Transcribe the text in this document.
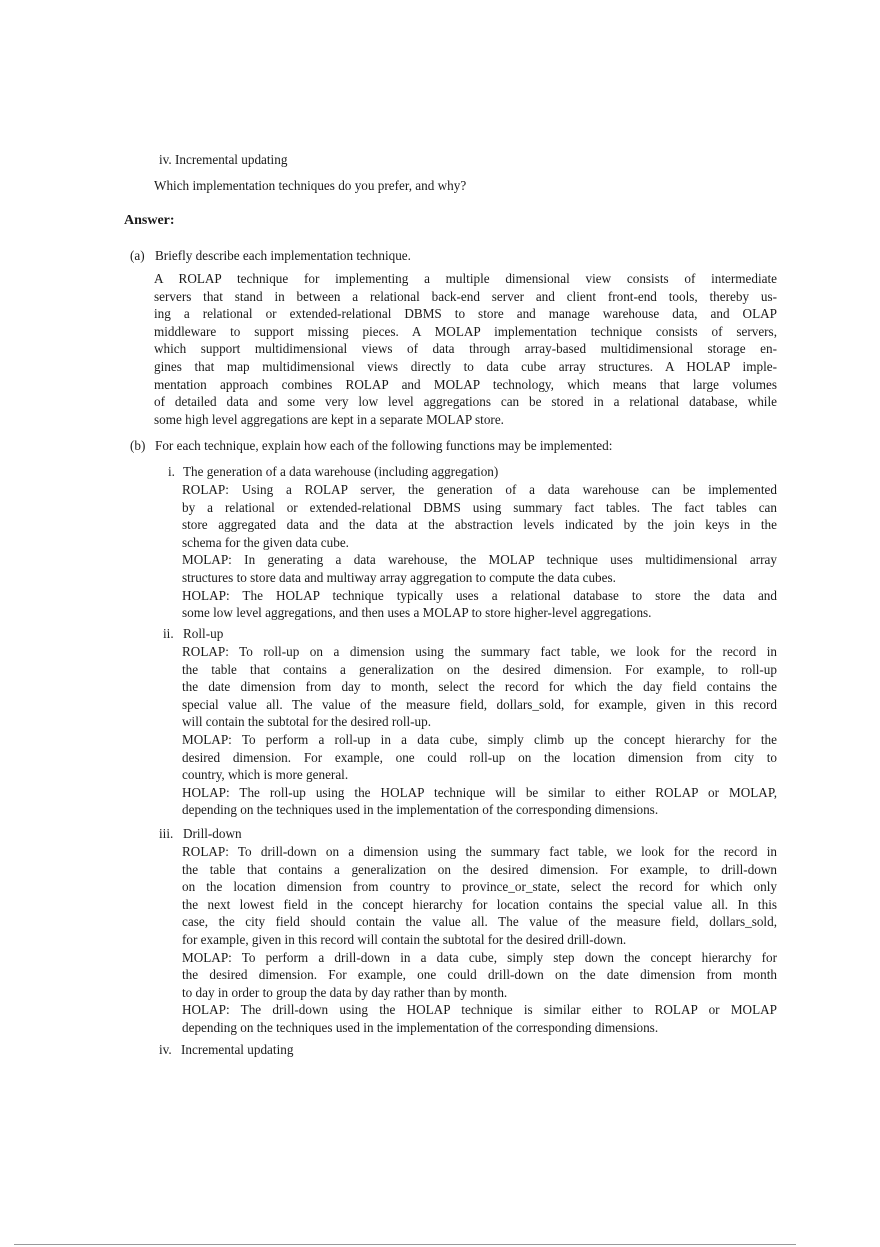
iv. Incremental updating
Which implementation techniques do you prefer, and why?
Answer:
(a) Briefly describe each implementation technique.
A ROLAP technique for implementing a multiple dimensional view consists of intermediate
servers that stand in between a relational back-end server and client front-end tools, thereby us-
ing a relational or extended-relational DBMS to store and manage warehouse data, and OLAP
middleware to support missing pieces. A MOLAP implementation technique consists of servers,
which support multidimensional views of data through array-based multidimensional storage en-
gines that map multidimensional views directly to data cube array structures. A HOLAP imple-
mentation approach combines ROLAP and MOLAP technology, which means that large volumes
of detailed data and some very low level aggregations can be stored in a relational database, while
some high level aggregations are kept in a separate MOLAP store.
(b) For each technique, explain how each of the following functions may be implemented:
i. The generation of a data warehouse (including aggregation)
ROLAP: Using a ROLAP server, the generation of a data warehouse can be implemented
by a relational or extended-relational DBMS using summary fact tables. The fact tables can
store aggregated data and the data at the abstraction levels indicated by the join keys in the
schema for the given data cube.
MOLAP: In generating a data warehouse, the MOLAP technique uses multidimensional array
structures to store data and multiway array aggregation to compute the data cubes.
HOLAP: The HOLAP technique typically uses a relational database to store the data and
some low level aggregations, and then uses a MOLAP to store higher-level aggregations.
ii. Roll-up
ROLAP: To roll-up on a dimension using the summary fact table, we look for the record in
the table that contains a generalization on the desired dimension. For example, to roll-up
the date dimension from day to month, select the record for which the day field contains the
special value all. The value of the measure field, dollars_sold, for example, given in this record
will contain the subtotal for the desired roll-up.
MOLAP: To perform a roll-up in a data cube, simply climb up the concept hierarchy for the
desired dimension. For example, one could roll-up on the location dimension from city to
country, which is more general.
HOLAP: The roll-up using the HOLAP technique will be similar to either ROLAP or MOLAP,
depending on the techniques used in the implementation of the corresponding dimensions.
iii. Drill-down
ROLAP: To drill-down on a dimension using the summary fact table, we look for the record in
the table that contains a generalization on the desired dimension. For example, to drill-down
on the location dimension from country to province_or_state, select the record for which only
the next lowest field in the concept hierarchy for location contains the special value all. In this
case, the city field should contain the value all. The value of the measure field, dollars_sold,
for example, given in this record will contain the subtotal for the desired drill-down.
MOLAP: To perform a drill-down in a data cube, simply step down the concept hierarchy for
the desired dimension. For example, one could drill-down on the date dimension from month
to day in order to group the data by day rather than by month.
HOLAP: The drill-down using the HOLAP technique is similar either to ROLAP or MOLAP
depending on the techniques used in the implementation of the corresponding dimensions.
iv. Incremental updating
